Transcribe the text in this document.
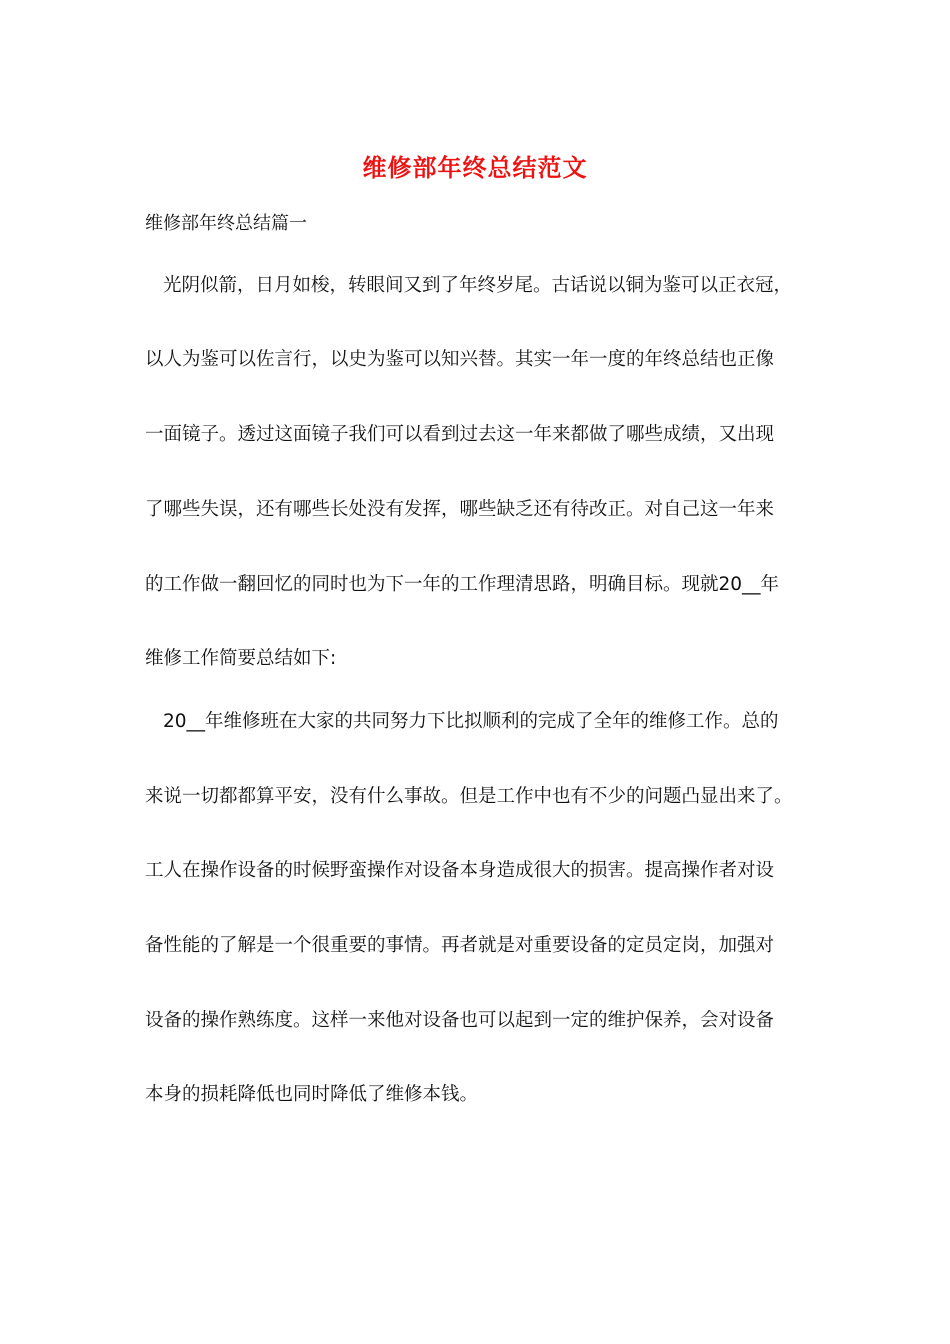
维修部年终总结范文
维修部年终总结篇一
光阴似箭，日月如梭，转眼间又到了年终岁尾。古话说以铜为鉴可以正衣冠，
以人为鉴可以佐言行，以史为鉴可以知兴替。其实一年一度的年终总结也正像
一面镜子。透过这面镜子我们可以看到过去这一年来都做了哪些成绩，又出现
了哪些失误，还有哪些长处没有发挥，哪些缺乏还有待改正。对自己这一年来
的工作做一翻回忆的同时也为下一年的工作理清思路，明确目标。现就20__年
维修工作简要总结如下:
20__年维修班在大家的共同努力下比拟顺利的完成了全年的维修工作。总的
来说一切都都算平安，没有什么事故。但是工作中也有不少的问题凸显出来了。
工人在操作设备的时候野蛮操作对设备本身造成很大的损害。提高操作者对设
备性能的了解是一个很重要的事情。再者就是对重要设备的定员定岗，加强对
设备的操作熟练度。这样一来他对设备也可以起到一定的维护保养，会对设备
本身的损耗降低也同时降低了维修本钱。
